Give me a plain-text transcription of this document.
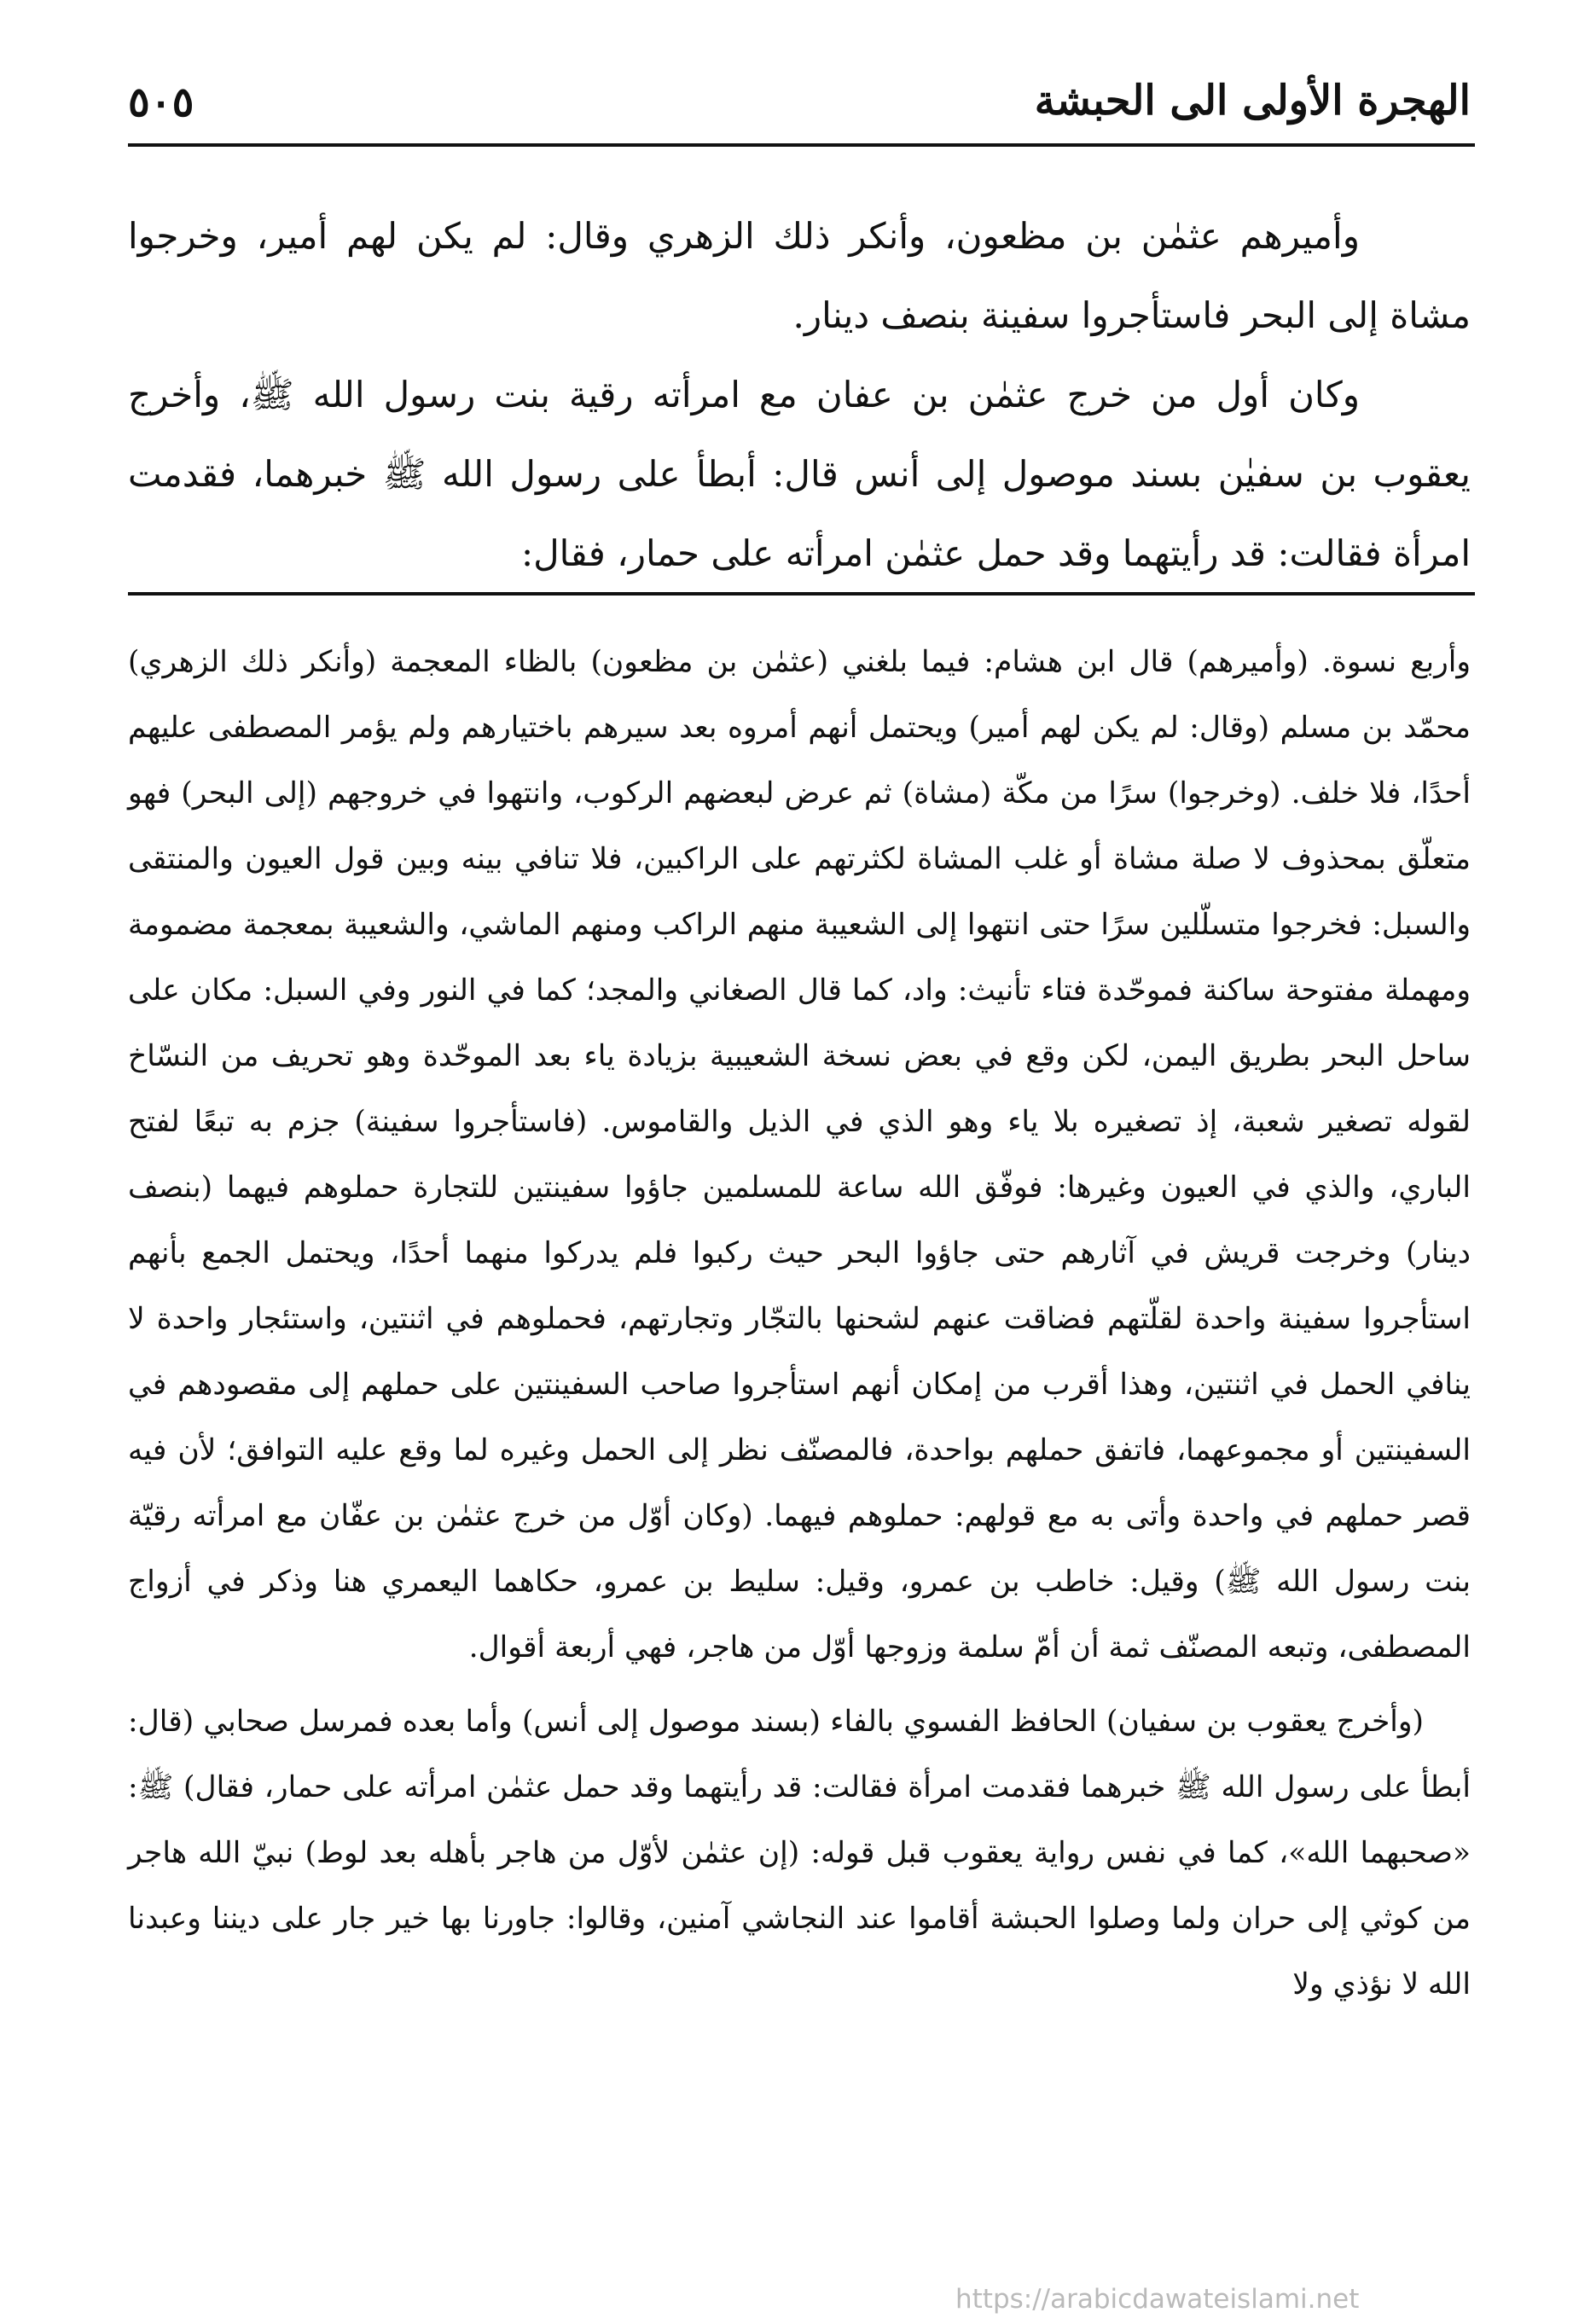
الهجرة الأولى الى الحبشة
٥٠٥

وأميرهم عثمٰن بن مظعون، وأنكر ذلك الزهري وقال: لم يكن لهم أمير، وخرجوا مشاة إلى البحر فاستأجروا سفينة بنصف دينار.

وكان أول من خرج عثمٰن بن عفان مع امرأته رقية بنت رسول الله ﷺ، وأخرج يعقوب بن سفيٰن بسند موصول إلى أنس قال: أبطأ على رسول الله ﷺ خبرهما، فقدمت امرأة فقالت: قد رأيتهما وقد حمل عثمٰن امرأته على حمار، فقال:

وأربع نسوة. (وأميرهم) قال ابن هشام: فيما بلغني (عثمٰن بن مظعون) بالظاء المعجمة (وأنكر ذلك الزهري) محمّد بن مسلم (وقال: لم يكن لهم أمير) ويحتمل أنهم أمروه بعد سيرهم باختيارهم ولم يؤمر المصطفى عليهم أحدًا، فلا خلف. (وخرجوا) سرًا من مكّة (مشاة) ثم عرض لبعضهم الركوب، وانتهوا في خروجهم (إلى البحر) فهو متعلّق بمحذوف لا صلة مشاة أو غلب المشاة لكثرتهم على الراكبين، فلا تنافي بينه وبين قول العيون والمنتقى والسبل: فخرجوا متسلّلين سرًا حتى انتهوا إلى الشعيبة منهم الراكب ومنهم الماشي، والشعيبة بمعجمة مضمومة ومهملة مفتوحة ساكنة فموحّدة فتاء تأنيث: واد، كما قال الصغاني والمجد؛ كما في النور وفي السبل: مكان على ساحل البحر بطريق اليمن، لكن وقع في بعض نسخة الشعيبية بزيادة ياء بعد الموحّدة وهو تحريف من النسّاخ لقوله تصغير شعبة، إذ تصغيره بلا ياء وهو الذي في الذيل والقاموس. (فاستأجروا سفينة) جزم به تبعًا لفتح الباري، والذي في العيون وغيرها: فوفّق الله ساعة للمسلمين جاؤوا سفينتين للتجارة حملوهم فيهما (بنصف دينار) وخرجت قريش في آثارهم حتى جاؤوا البحر حيث ركبوا فلم يدركوا منهما أحدًا، ويحتمل الجمع بأنهم استأجروا سفينة واحدة لقلّتهم فضاقت عنهم لشحنها بالتجّار وتجارتهم، فحملوهم في اثنتين، واستئجار واحدة لا ينافي الحمل في اثنتين، وهذا أقرب من إمكان أنهم استأجروا صاحب السفينتين على حملهم إلى مقصودهم في السفينتين أو مجموعهما، فاتفق حملهم بواحدة، فالمصنّف نظر إلى الحمل وغيره لما وقع عليه التوافق؛ لأن فيه قصر حملهم في واحدة وأتى به مع قولهم: حملوهم فيهما. (وكان أوّل من خرج عثمٰن بن عفّان مع امرأته رقيّة بنت رسول الله ﷺ) وقيل: خاطب بن عمرو، وقيل: سليط بن عمرو، حكاهما اليعمري هنا وذكر في أزواج المصطفى، وتبعه المصنّف ثمة أن أمّ سلمة وزوجها أوّل من هاجر، فهي أربعة أقوال.

(وأخرج يعقوب بن سفيان) الحافظ الفسوي بالفاء (بسند موصول إلى أنس) وأما بعده فمرسل صحابي (قال: أبطأ على رسول الله ﷺ خبرهما فقدمت امرأة فقالت: قد رأيتهما وقد حمل عثمٰن امرأته على حمار، فقال) ﷺ: «صحبهما الله»، كما في نفس رواية يعقوب قبل قوله: (إن عثمٰن لأوّل من هاجر بأهله بعد لوط) نبيّ الله هاجر من كوثي إلى حران ولما وصلوا الحبشة أقاموا عند النجاشي آمنين، وقالوا: جاورنا بها خير جار على ديننا وعبدنا الله لا نؤذي ولا

https://arabicdawateislami.net
